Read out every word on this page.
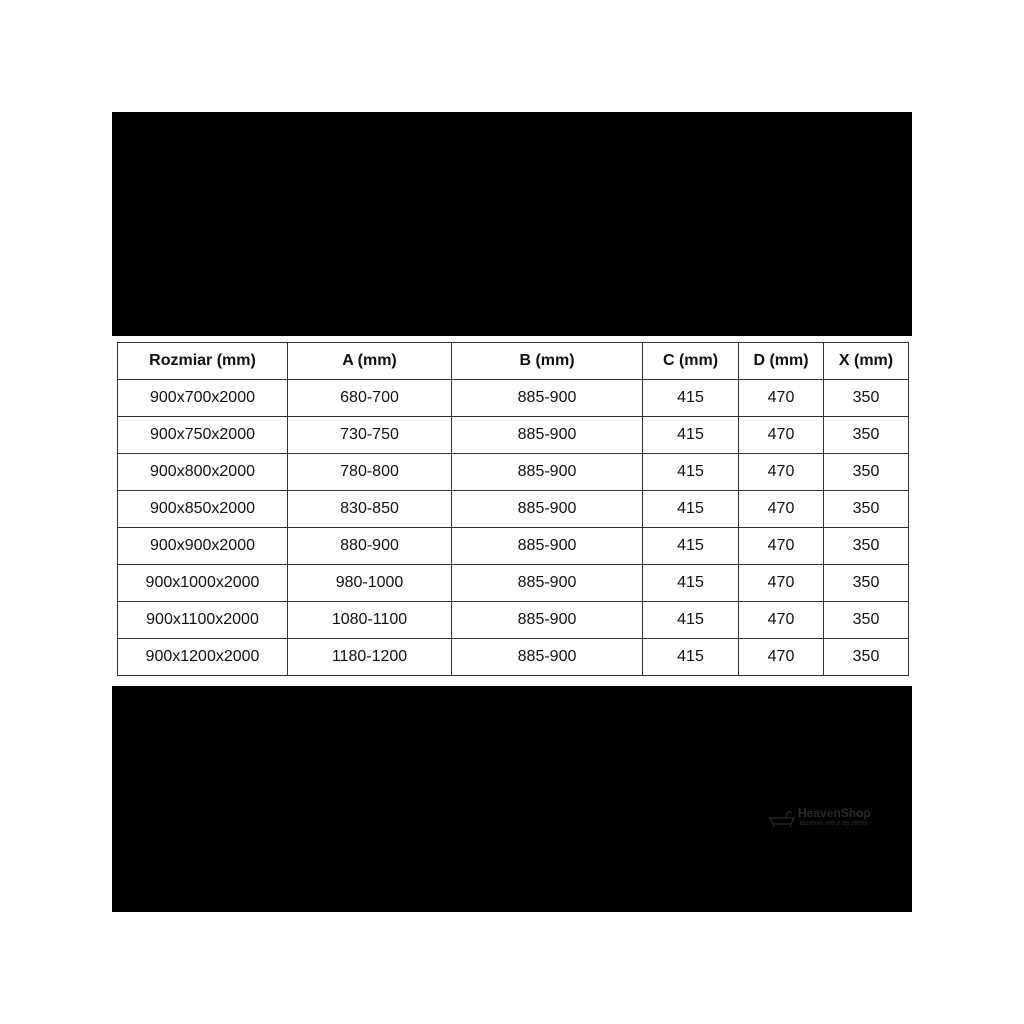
Rozmiar (mm)	A (mm)	B (mm)	C (mm)	D (mm)	X (mm)
900x700x2000	680-700	885-900	415	470	350
900x750x2000	730-750	885-900	415	470	350
900x800x2000	780-800	885-900	415	470	350
900x850x2000	830-850	885-900	415	470	350
900x900x2000	880-900	885-900	415	470	350
900x1000x2000	980-1000	885-900	415	470	350
900x1100x2000	1080-1100	885-900	415	470	350
900x1200x2000	1180-1200	885-900	415	470	350
HeavenShop
łazienki nie z tej ziemi
